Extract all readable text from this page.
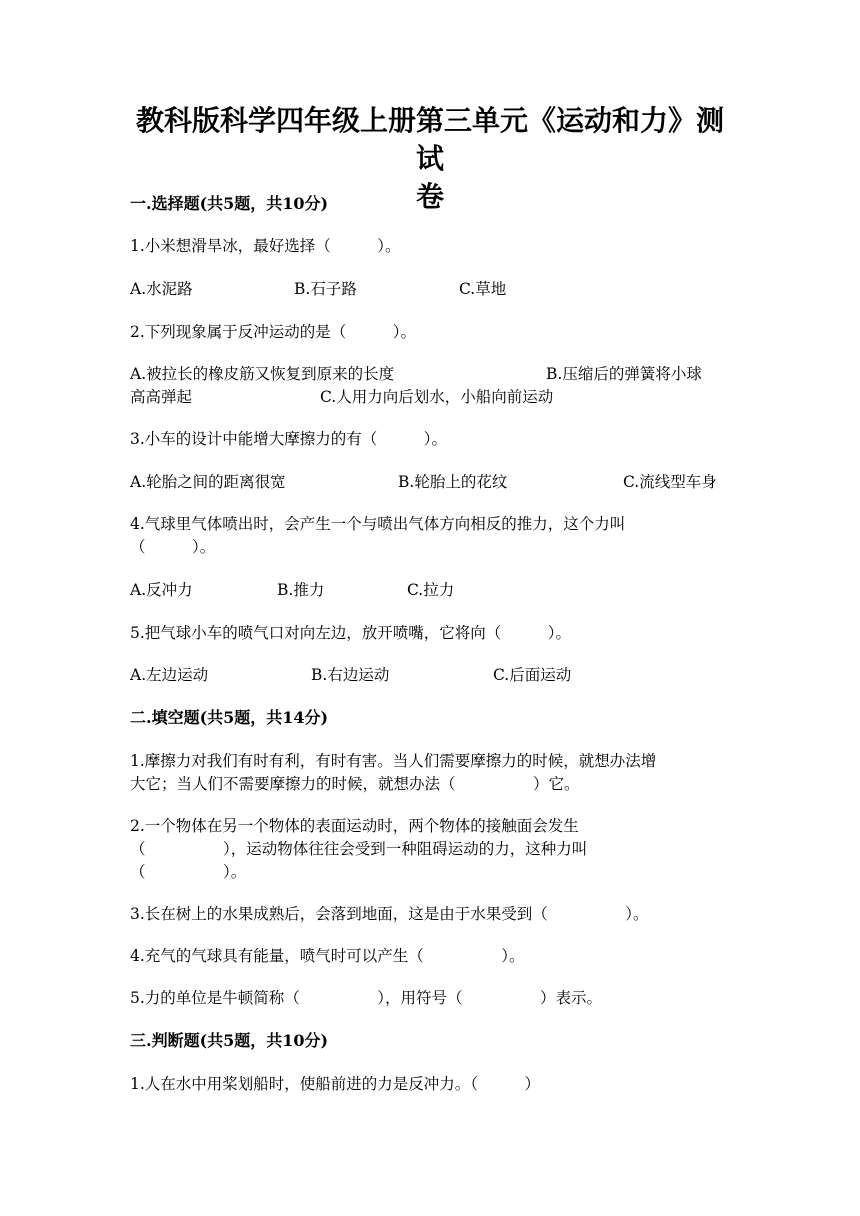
教科版科学四年级上册第三单元《运动和力》测试
卷
一.选择题(共5题，共10分)
1.小米想滑旱冰，最好选择（　　　）。
A.水泥路	B.石子路	C.草地
2.下列现象属于反冲运动的是（　　　）。
A.被拉长的橡皮筋又恢复到原来的长度	B.压缩后的弹簧将小球
高高弹起	C.人用力向后划水，小船向前运动
3.小车的设计中能增大摩擦力的有（　　　）。
A.轮胎之间的距离很宽	B.轮胎上的花纹	C.流线型车身
4.气球里气体喷出时，会产生一个与喷出气体方向相反的推力，这个力叫
（　　　）。
A.反冲力	B.推力	C.拉力
5.把气球小车的喷气口对向左边，放开喷嘴，它将向（　　　）。
A.左边运动	B.右边运动	C.后面运动
二.填空题(共5题，共14分)
1.摩擦力对我们有时有利，有时有害。当人们需要摩擦力的时候，就想办法增
大它；当人们不需要摩擦力的时候，就想办法（　　　　　）它。
2.一个物体在另一个物体的表面运动时，两个物体的接触面会发生
（　　　　　），运动物体往往会受到一种阻碍运动的力，这种力叫
（　　　　　）。
3.长在树上的水果成熟后，会落到地面，这是由于水果受到（　　　　　）。
4.充气的气球具有能量，喷气时可以产生（　　　　　）。
5.力的单位是牛顿简称（　　　　　），用符号（　　　　　）表示。
三.判断题(共5题，共10分)
1.人在水中用桨划船时，使船前进的力是反冲力。（　　　）
